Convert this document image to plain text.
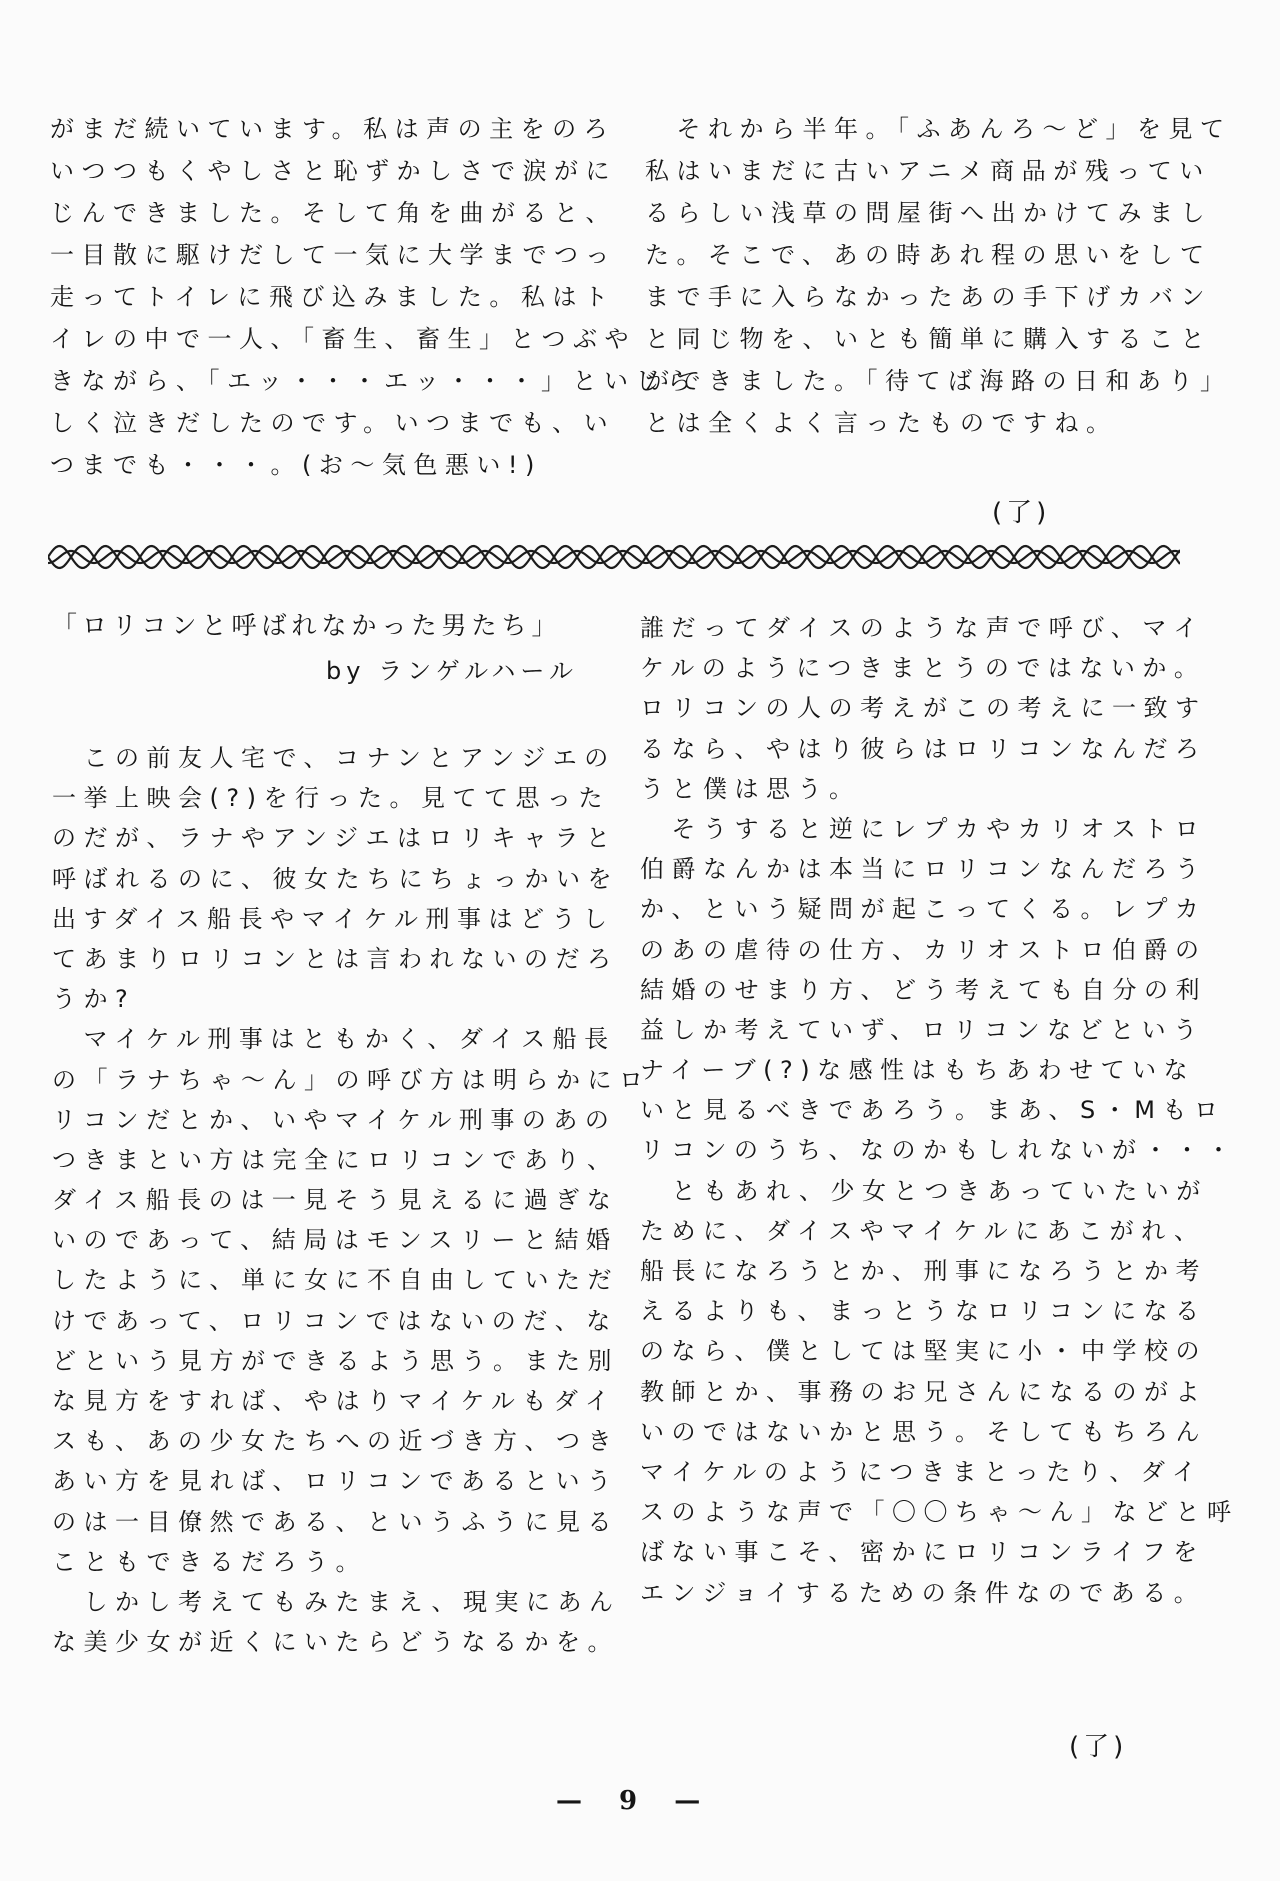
がまだ続いています。私は声の主をのろ

いつつもくやしさと恥ずかしさで涙がに

じんできました。そして角を曲がると、

一目散に駆けだして一気に大学までつっ

走ってトイレに飛び込みました。私はト

イレの中で一人、「畜生、畜生」とつぶや

きながら、「エッ・・・エッ・・・」といじら

しく泣きだしたのです。いつまでも、い

つまでも・・・。(お〜気色悪い!)

　それから半年。「ふあんろ〜ど」を見て

私はいまだに古いアニメ商品が残ってい

るらしい浅草の問屋街へ出かけてみまし

た。そこで、あの時あれ程の思いをして

まで手に入らなかったあの手下げカバン

と同じ物を、いとも簡単に購入すること

ができました。「待てば海路の日和あり」

とは全くよく言ったものですね。

(了)
「ロリコンと呼ばれなかった男たち」
by ランゲルハール

　この前友人宅で、コナンとアンジエの

一挙上映会(?)を行った。見てて思った

のだが、ラナやアンジエはロリキャラと

呼ばれるのに、彼女たちにちょっかいを

出すダイス船長やマイケル刑事はどうし

てあまりロリコンとは言われないのだろ

うか?

　マイケル刑事はともかく、ダイス船長

の「ラナちゃ〜ん」の呼び方は明らかにロ

リコンだとか、いやマイケル刑事のあの

つきまとい方は完全にロリコンであり、

ダイス船長のは一見そう見えるに過ぎな

いのであって、結局はモンスリーと結婚

したように、単に女に不自由していただ

けであって、ロリコンではないのだ、な

どという見方ができるよう思う。また別

な見方をすれば、やはりマイケルもダイ

スも、あの少女たちへの近づき方、つき

あい方を見れば、ロリコンであるという

のは一目僚然である、というふうに見る

こともできるだろう。

　しかし考えてもみたまえ、現実にあん

な美少女が近くにいたらどうなるかを。

誰だってダイスのような声で呼び、マイ

ケルのようにつきまとうのではないか。

ロリコンの人の考えがこの考えに一致す

るなら、やはり彼らはロリコンなんだろ

うと僕は思う。

　そうすると逆にレプカやカリオストロ

伯爵なんかは本当にロリコンなんだろう

か、という疑問が起こってくる。レプカ

のあの虐待の仕方、カリオストロ伯爵の

結婚のせまり方、どう考えても自分の利

益しか考えていず、ロリコンなどという

ナイーブ(?)な感性はもちあわせていな

いと見るべきであろう。まあ、S・Mもロ

リコンのうち、なのかもしれないが・・・

　ともあれ、少女とつきあっていたいが

ために、ダイスやマイケルにあこがれ、

船長になろうとか、刑事になろうとか考

えるよりも、まっとうなロリコンになる

のなら、僕としては堅実に小・中学校の

教師とか、事務のお兄さんになるのがよ

いのではないかと思う。そしてもちろん

マイケルのようにつきまとったり、ダイ

スのような声で「〇〇ちゃ〜ん」などと呼

ばない事こそ、密かにロリコンライフを

エンジョイするための条件なのである。

(了)
— 9 —
